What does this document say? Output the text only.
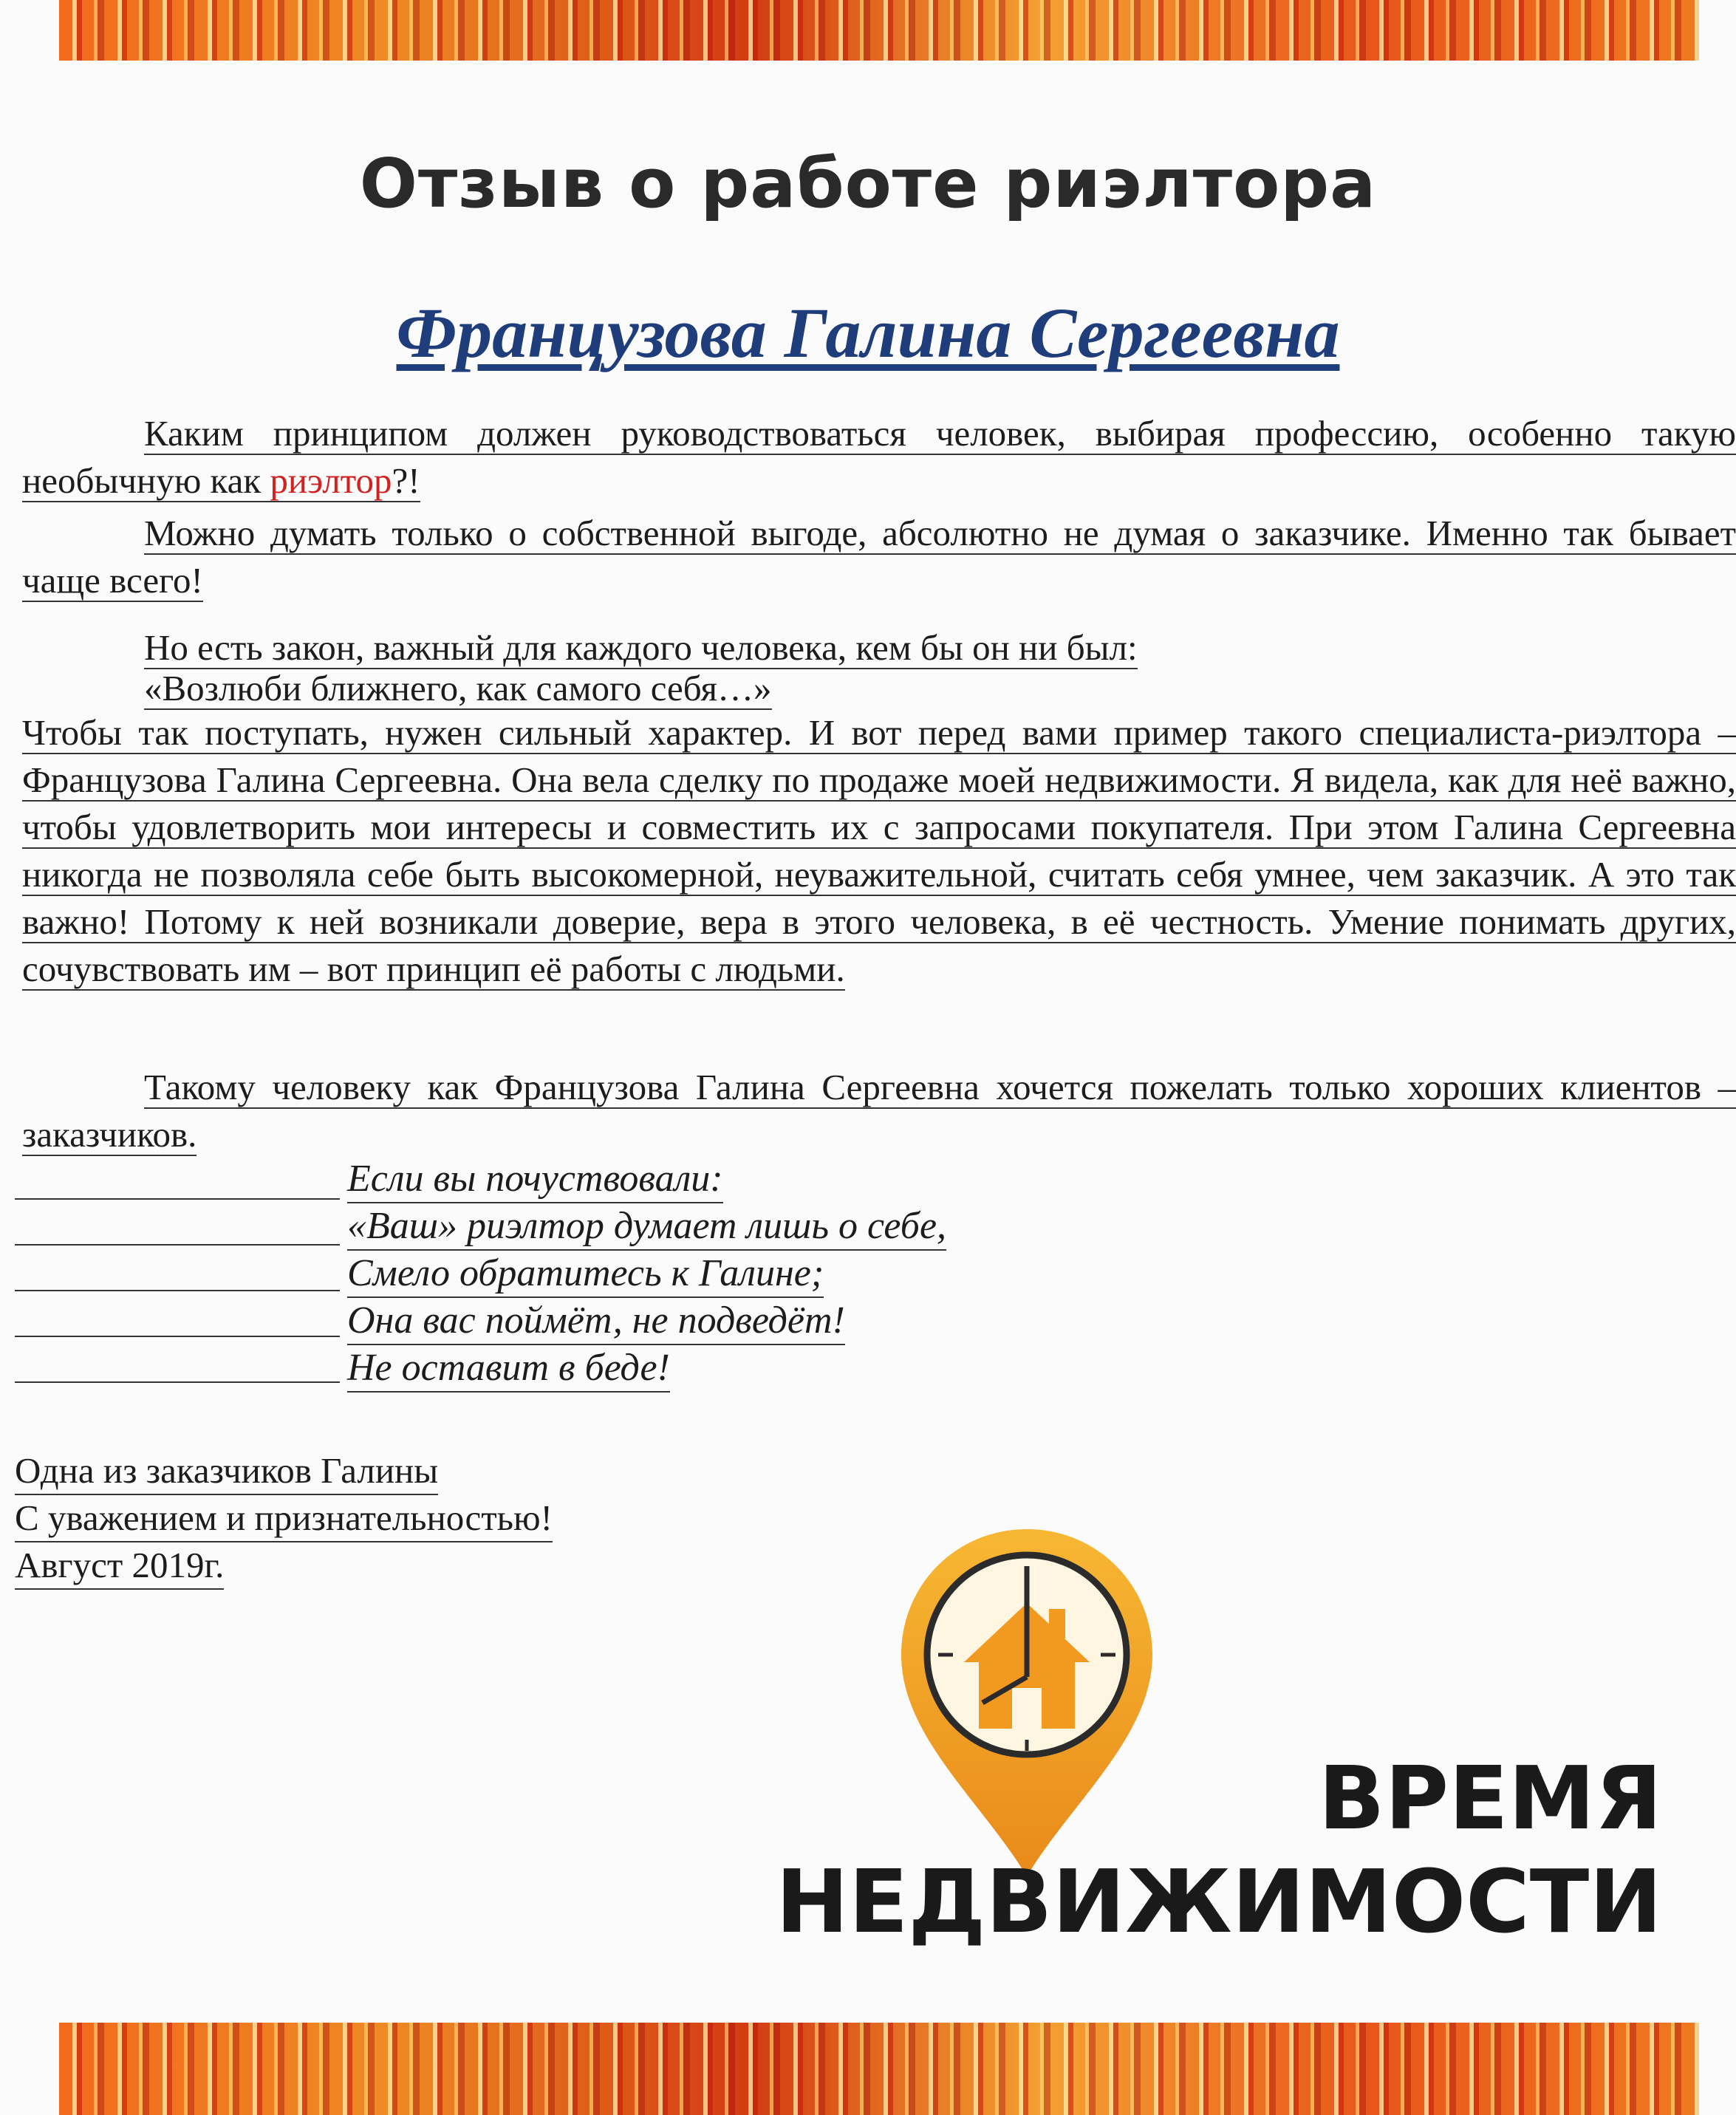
Отзыв о работе риэлтора
Французова Галина Сергеевна
Каким принципом должен руководствоваться человек, выбирая профессию, особенно такую необычную как риэлтор?!
Можно думать только о собственной выгоде, абсолютно не думая о заказчике. Именно так бывает чаще всего!
Но есть закон, важный для каждого человека, кем бы он ни был:
«Возлюби ближнего, как самого себя…»
Чтобы так поступать, нужен сильный характер. И вот перед вами пример такого специалиста-риэлтора – Французова Галина Сергеевна. Она вела сделку по продаже моей недвижимости. Я видела, как для неё важно, чтобы удовлетворить мои интересы и совместить их с запросами покупателя. При этом Галина Сергеевна никогда не позволяла себе быть высокомерной, неуважительной, считать себя умнее, чем заказчик. А это так важно! Потому к ней возникали доверие, вера в этого человека, в её честность. Умение понимать других, сочувствовать им – вот принцип её работы с людьми.
Такому человеку как Французова Галина Сергеевна хочется пожелать только хороших клиентов – заказчиков.
Если вы почуствовали:
«Ваш» риэлтор думает лишь о себе,
Смело обратитесь к Галине;
Она вас поймёт, не подведёт!
Не оставит в беде!
Одна из заказчиков Галины
С уважением и признательностью!
Август 2019г.
ВРЕМЯ
НЕДВИЖИМОСТИ
